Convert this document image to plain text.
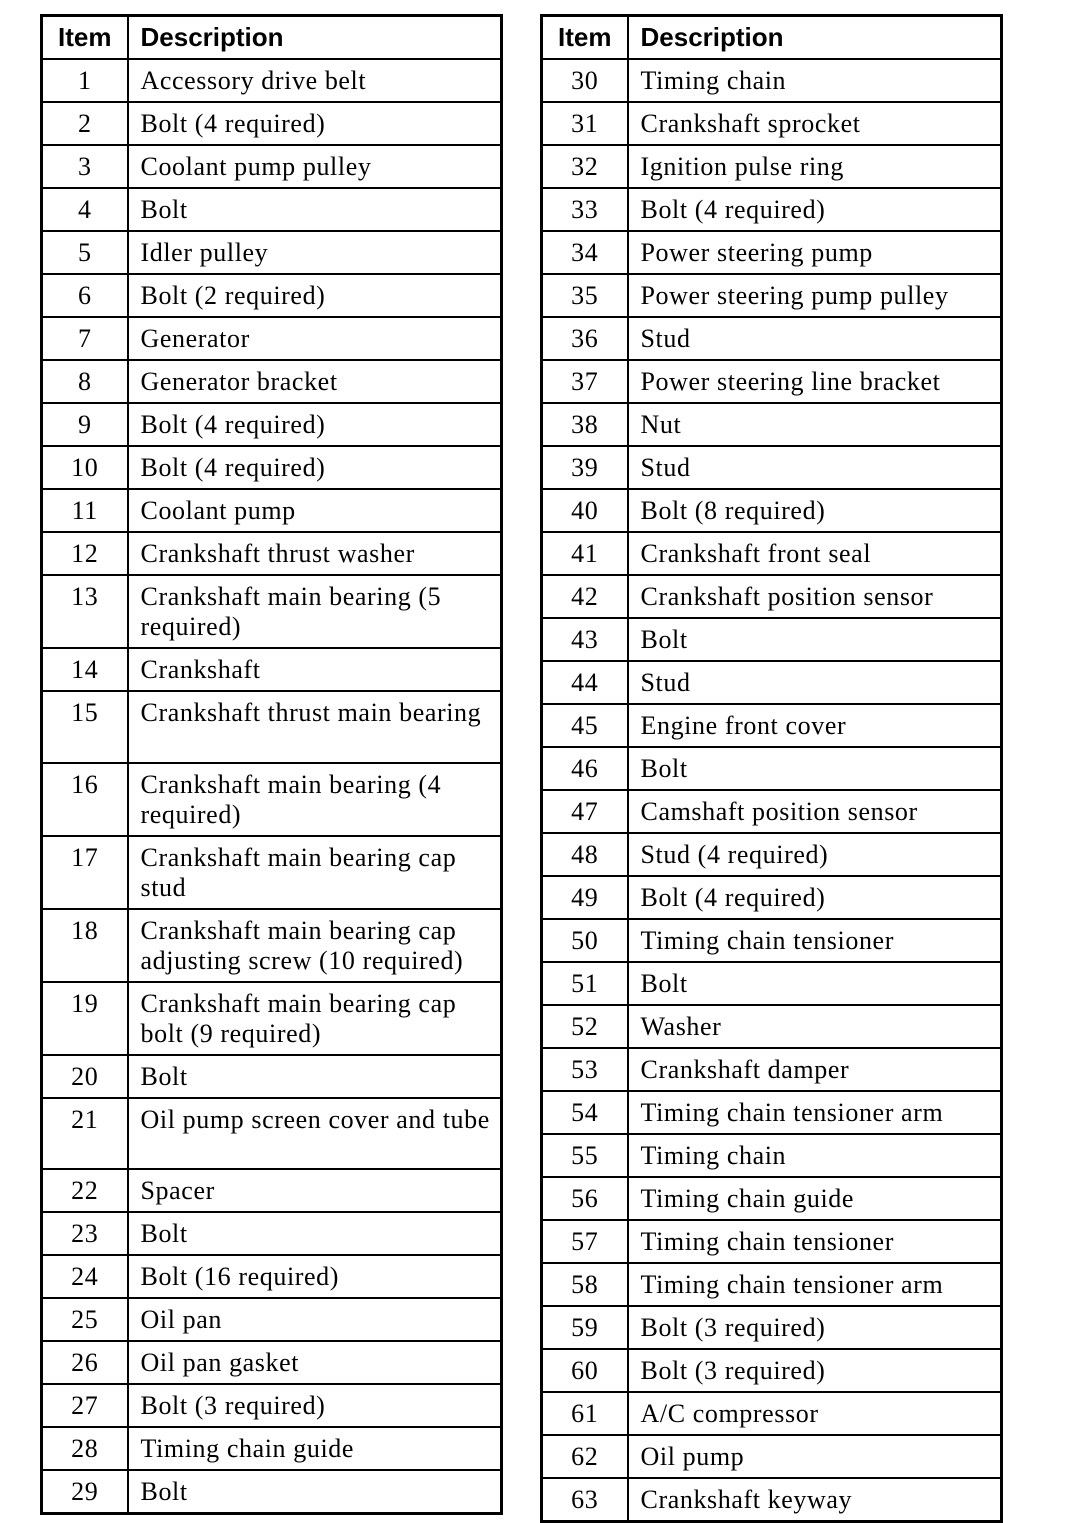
Item	Description
1	Accessory drive belt
2	Bolt (4 required)
3	Coolant pump pulley
4	Bolt
5	Idler pulley
6	Bolt (2 required)
7	Generator
8	Generator bracket
9	Bolt (4 required)
10	Bolt (4 required)
11	Coolant pump
12	Crankshaft thrust washer
13	Crankshaft main bearing (5 required)
14	Crankshaft
15	Crankshaft thrust main bearing
16	Crankshaft main bearing (4 required)
17	Crankshaft main bearing cap stud
18	Crankshaft main bearing cap adjusting screw (10 required)
19	Crankshaft main bearing cap bolt (9 required)
20	Bolt
21	Oil pump screen cover and tube
22	Spacer
23	Bolt
24	Bolt (16 required)
25	Oil pan
26	Oil pan gasket
27	Bolt (3 required)
28	Timing chain guide
29	Bolt
Item	Description
30	Timing chain
31	Crankshaft sprocket
32	Ignition pulse ring
33	Bolt (4 required)
34	Power steering pump
35	Power steering pump pulley
36	Stud
37	Power steering line bracket
38	Nut
39	Stud
40	Bolt (8 required)
41	Crankshaft front seal
42	Crankshaft position sensor
43	Bolt
44	Stud
45	Engine front cover
46	Bolt
47	Camshaft position sensor
48	Stud (4 required)
49	Bolt (4 required)
50	Timing chain tensioner
51	Bolt
52	Washer
53	Crankshaft damper
54	Timing chain tensioner arm
55	Timing chain
56	Timing chain guide
57	Timing chain tensioner
58	Timing chain tensioner arm
59	Bolt (3 required)
60	Bolt (3 required)
61	A/C compressor
62	Oil pump
63	Crankshaft keyway
